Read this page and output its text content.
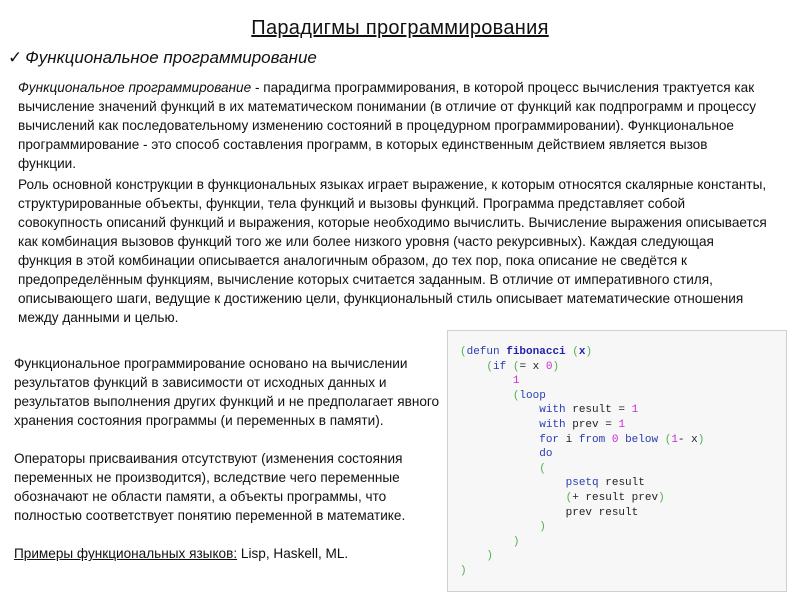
Парадигмы программирования
✓ Функциональное программирование
Функциональное программирование - парадигма программирования, в которой процесс вычисления трактуется как вычисление значений функций в их математическом понимании (в отличие от функций как подпрограмм и процессу вычислений как последовательному изменению состояний в процедурном программировании). Функциональное программирование - это способ составления программ, в которых единственным действием является вызов функции.
Роль основной конструкции в функциональных языках играет выражение, к которым относятся скалярные константы, структурированные объекты, функции, тела функций и вызовы функций. Программа представляет собой совокупность описаний функций и выражения, которые необходимо вычислить. Вычисление выражения описывается как комбинация вызовов функций того же или более низкого уровня (часто рекурсивных). Каждая следующая функция в этой комбинации описывается аналогичным образом, до тех пор, пока описание не сведётся к предопределённым функциям, вычисление которых считается заданным. В отличие от императивного стиля, описывающего шаги, ведущие к достижению цели, функциональный стиль описывает математические отношения между данными и целью.

Функциональное программирование основано на вычислении результатов функций в зависимости от исходных данных и результатов выполнения других функций и не предполагает явного хранения состояния программы (и переменных в памяти).

Операторы присваивания отсутствуют (изменения состояния переменных не производится), вследствие чего переменные обозначают не области памяти, а объекты программы, что полностью соответствует понятию переменной в математике.

Примеры функциональных языков: Lisp, Haskell, ML.

(defun fibonacci (x)
(if (= x 0)
1
(loop
with result = 1
with prev = 1
for i from 0 below (1- x)
do
(
psetq result
(+ result prev)
prev result
)
)
)
)
